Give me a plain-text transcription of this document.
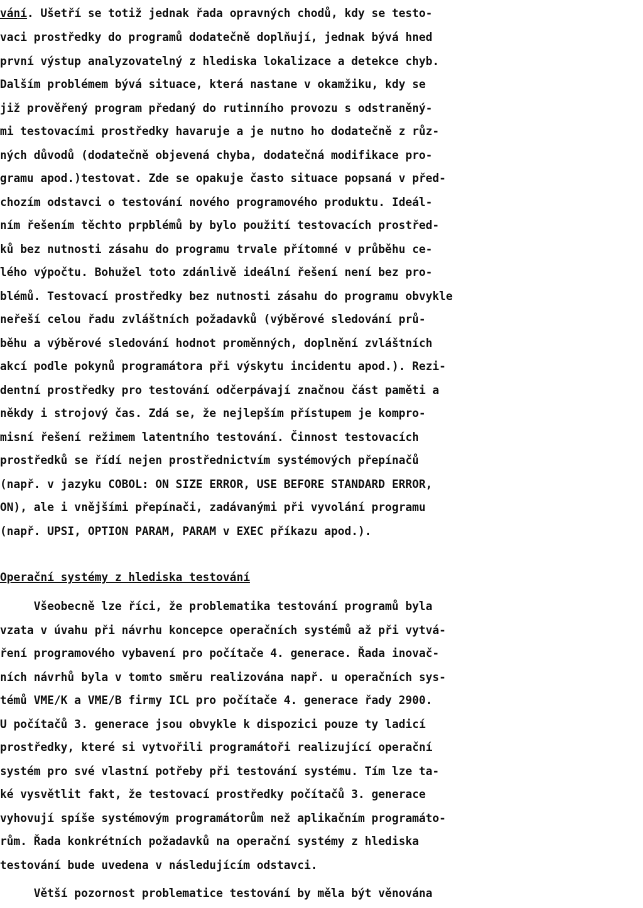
vání. Ušetří se totiž jednak řada opravných chodů, kdy se testo-
vaci prostředky do programů dodatečně doplňují, jednak bývá hned
první výstup analyzovatelný z hlediska lokalizace a detekce chyb.
Dalším problémem bývá situace, která nastane v okamžiku, kdy se
již prověřený program předaný do rutinního provozu s odstraněný-
mi testovacími prostředky havaruje a je nutno ho dodatečně z růz-
ných důvodů (dodatečně objevená chyba, dodatečná modifikace pro-
gramu apod.)testovat. Zde se opakuje často situace popsaná v před-
chozím odstavci o testování nového programového produktu. Ideál-
ním řešením těchto prpblémů by bylo použití testovacích prostřed-
ků bez nutnosti zásahu do programu trvale přítomné v průběhu ce-
lého výpočtu. Bohužel toto zdánlivě ideální řešení není bez pro-
blémů. Testovací prostředky bez nutnosti zásahu do programu obvykle
neřeší celou řadu zvláštních požadavků (výběrové sledování prů-
běhu a výběrové sledování hodnot proměnných, doplnění zvláštních
akcí podle pokynů programátora při výskytu incidentu apod.). Rezi-
dentní prostředky pro testování odčerpávají značnou část paměti a
někdy i strojový čas. Zdá se, že nejlepším přístupem je kompro-
misní řešení režimem latentního testování. Činnost testovacích
prostředků se řídí nejen prostřednictvím systémových přepínačů
(např. v jazyku COBOL: ON SIZE ERROR, USE BEFORE STANDARD ERROR,
ON), ale i vnějšími přepínači, zadávanými při vyvolání programu
(např. UPSI, OPTION PARAM, PARAM v EXEC příkazu apod.).
Operační systémy z hlediska testování
Všeobecně lze říci, že problematika testování programů byla
vzata v úvahu při návrhu koncepce operačních systémů až při vytvá-
ření programového vybavení pro počítače 4. generace. Řada inovač-
ních návrhů byla v tomto směru realizována např. u operačních sys-
témů VME/K a VME/B firmy ICL pro počítače 4. generace řady 2900.
U počítačů 3. generace jsou obvykle k dispozici pouze ty ladicí
prostředky, které si vytvořili programátoři realizující operační
systém pro své vlastní potřeby při testování systému. Tím lze ta-
ké vysvětlit fakt, že testovací prostředky počítačů 3. generace
vyhovují spíše systémovým programátorům než aplikačním programáto-
rům. Řada konkrétních požadavků na operační systémy z hlediska
testování bude uvedena v následujícím odstavci.
Větší pozornost problematice testování by měla být věnována
